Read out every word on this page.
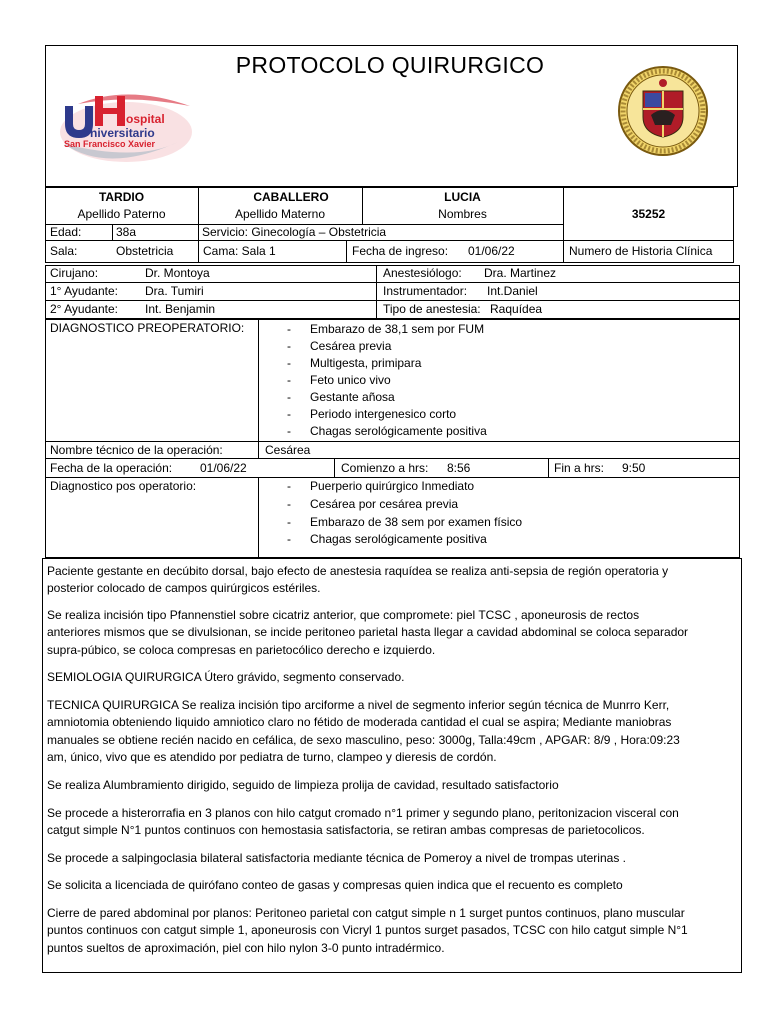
PROTOCOLO QUIRURGICO
ospital
niversitario
San Francisco Xavier
TARDIO
Apellido Paterno
CABALLERO
Apellido Materno
LUCIA
Nombres	35252
Edad:	38a	Servicio: Ginecología – Obstetricia
Sala:	Obstetricia Cama: Sala 1	Fecha de ingreso: 01/06/22	Numero de Historia Clínica
Cirujano:	Dr. Montoya	Anestesiólogo: Dra. Martinez
1° Ayudante: Dra. Tumiri	Instrumentador: Int.Daniel
2° Ayudante: Int. Benjamin	Tipo de anestesia: Raquídea
DIAGNOSTICO PREOPERATORIO:	- Embarazo de 38,1 sem por FUM
- Cesárea previa
- Multigesta, primipara
- Feto unico vivo
- Gestante añosa
- Periodo intergenesico corto
- Chagas serológicamente positiva
Nombre técnico de la operación:	Cesárea
Fecha de la operación: 01/06/22	Comienzo a hrs: 8:56	Fin a hrs: 9:50
Diagnostico pos operatorio:	- Puerperio quirúrgico Inmediato
- Cesárea por cesárea previa
- Embarazo de 38 sem por examen físico
- Chagas serológicamente positiva
Paciente gestante en decúbito dorsal, bajo efecto de anestesia raquídea se realiza anti-sepsia de región operatoria y
posterior colocado de campos quirúrgicos estériles.
Se realiza incisión tipo Pfannenstiel sobre cicatriz anterior, que compromete: piel TCSC , aponeurosis de rectos
anteriores mismos que se divulsionan, se incide peritoneo parietal hasta llegar a cavidad abdominal se coloca separador
supra-púbico, se coloca compresas en parietocólico derecho e izquierdo.
SEMIOLOGIA QUIRURGICA Útero grávido, segmento conservado.
TECNICA QUIRURGICA Se realiza incisión tipo arciforme a nivel de segmento inferior según técnica de Munrro Kerr,
amniotomia obteniendo liquido amniotico claro no fétido de moderada cantidad el cual se aspira; Mediante maniobras
manuales se obtiene recién nacido en cefálica, de sexo masculino, peso: 3000g, Talla:49cm , APGAR: 8/9 , Hora:09:23
am, único, vivo que es atendido por pediatra de turno, clampeo y dieresis de cordón.
Se realiza Alumbramiento dirigido, seguido de limpieza prolija de cavidad, resultado satisfactorio
Se procede a histerorrafia en 3 planos con hilo catgut cromado n°1 primer y segundo plano, peritonizacion visceral con
catgut simple N°1 puntos continuos con hemostasia satisfactoria, se retiran ambas compresas de parietocolicos.
Se procede a salpingoclasia bilateral satisfactoria mediante técnica de Pomeroy a nivel de trompas uterinas .
Se solicita a licenciada de quirófano conteo de gasas y compresas quien indica que el recuento es completo
Cierre de pared abdominal por planos: Peritoneo parietal con catgut simple n 1 surget puntos continuos, plano muscular
puntos continuos con catgut simple 1, aponeurosis con Vicryl 1 puntos surget pasados, TCSC con hilo catgut simple N°1
puntos sueltos de aproximación, piel con hilo nylon 3-0 punto intradérmico.
